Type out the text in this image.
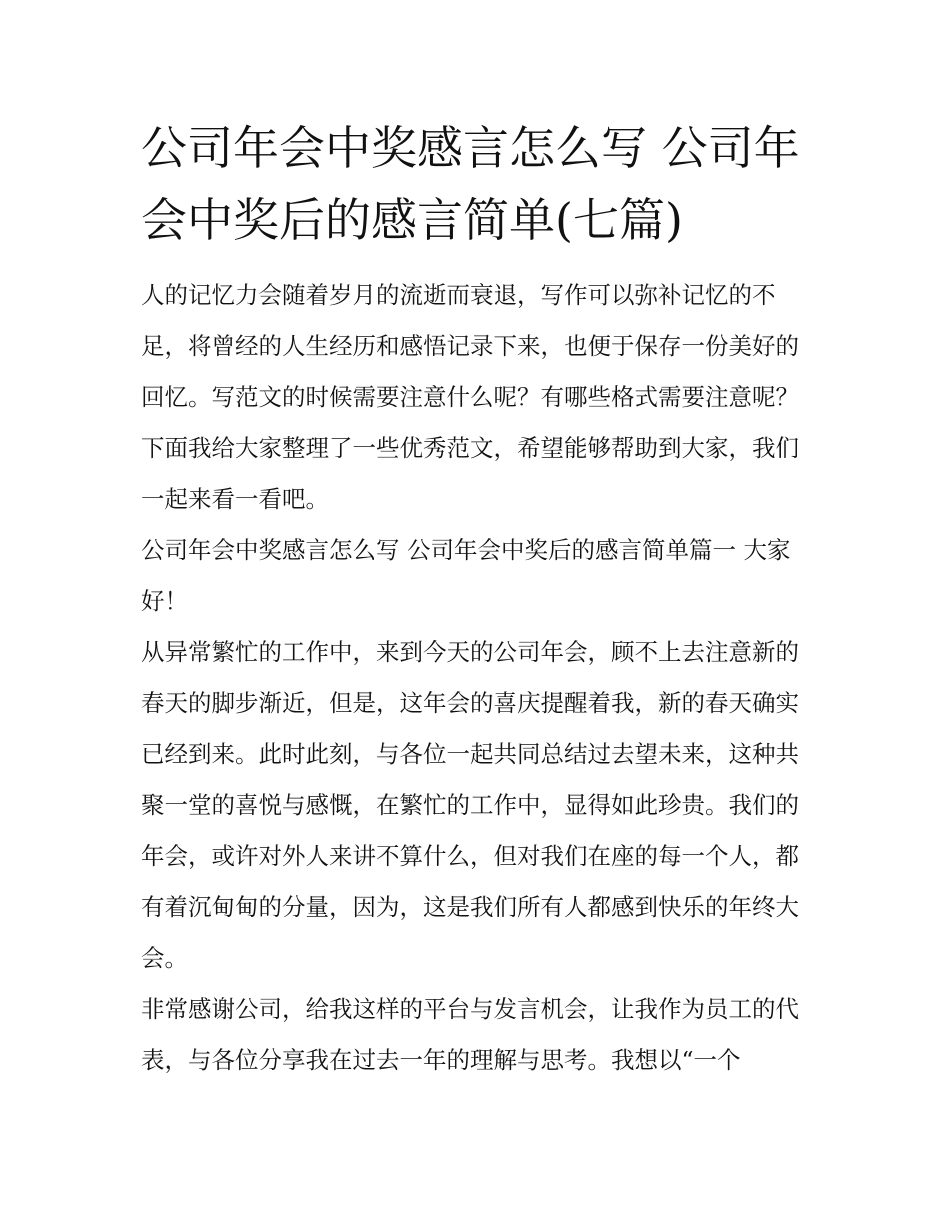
公司年会中奖感言怎么写 公司年会中奖后的感言简单(七篇)

人的记忆力会随着岁月的流逝而衰退，写作可以弥补记忆的不足，将曾经的人生经历和感悟记录下来，也便于保存一份美好的回忆。写范文的时候需要注意什么呢？有哪些格式需要注意呢？下面我给大家整理了一些优秀范文，希望能够帮助到大家，我们一起来看一看吧。

公司年会中奖感言怎么写 公司年会中奖后的感言简单篇一 大家好！

从异常繁忙的工作中，来到今天的公司年会，顾不上去注意新的春天的脚步渐近，但是，这年会的喜庆提醒着我，新的春天确实已经到来。此时此刻，与各位一起共同总结过去望未来，这种共聚一堂的喜悦与感慨，在繁忙的工作中，显得如此珍贵。我们的年会，或许对外人来讲不算什么，但对我们在座的每一个人，都有着沉甸甸的分量，因为，这是我们所有人都感到快乐的年终大会。

非常感谢公司，给我这样的平台与发言机会，让我作为员工的代表，与各位分享我在过去一年的理解与思考。我想以“一个
